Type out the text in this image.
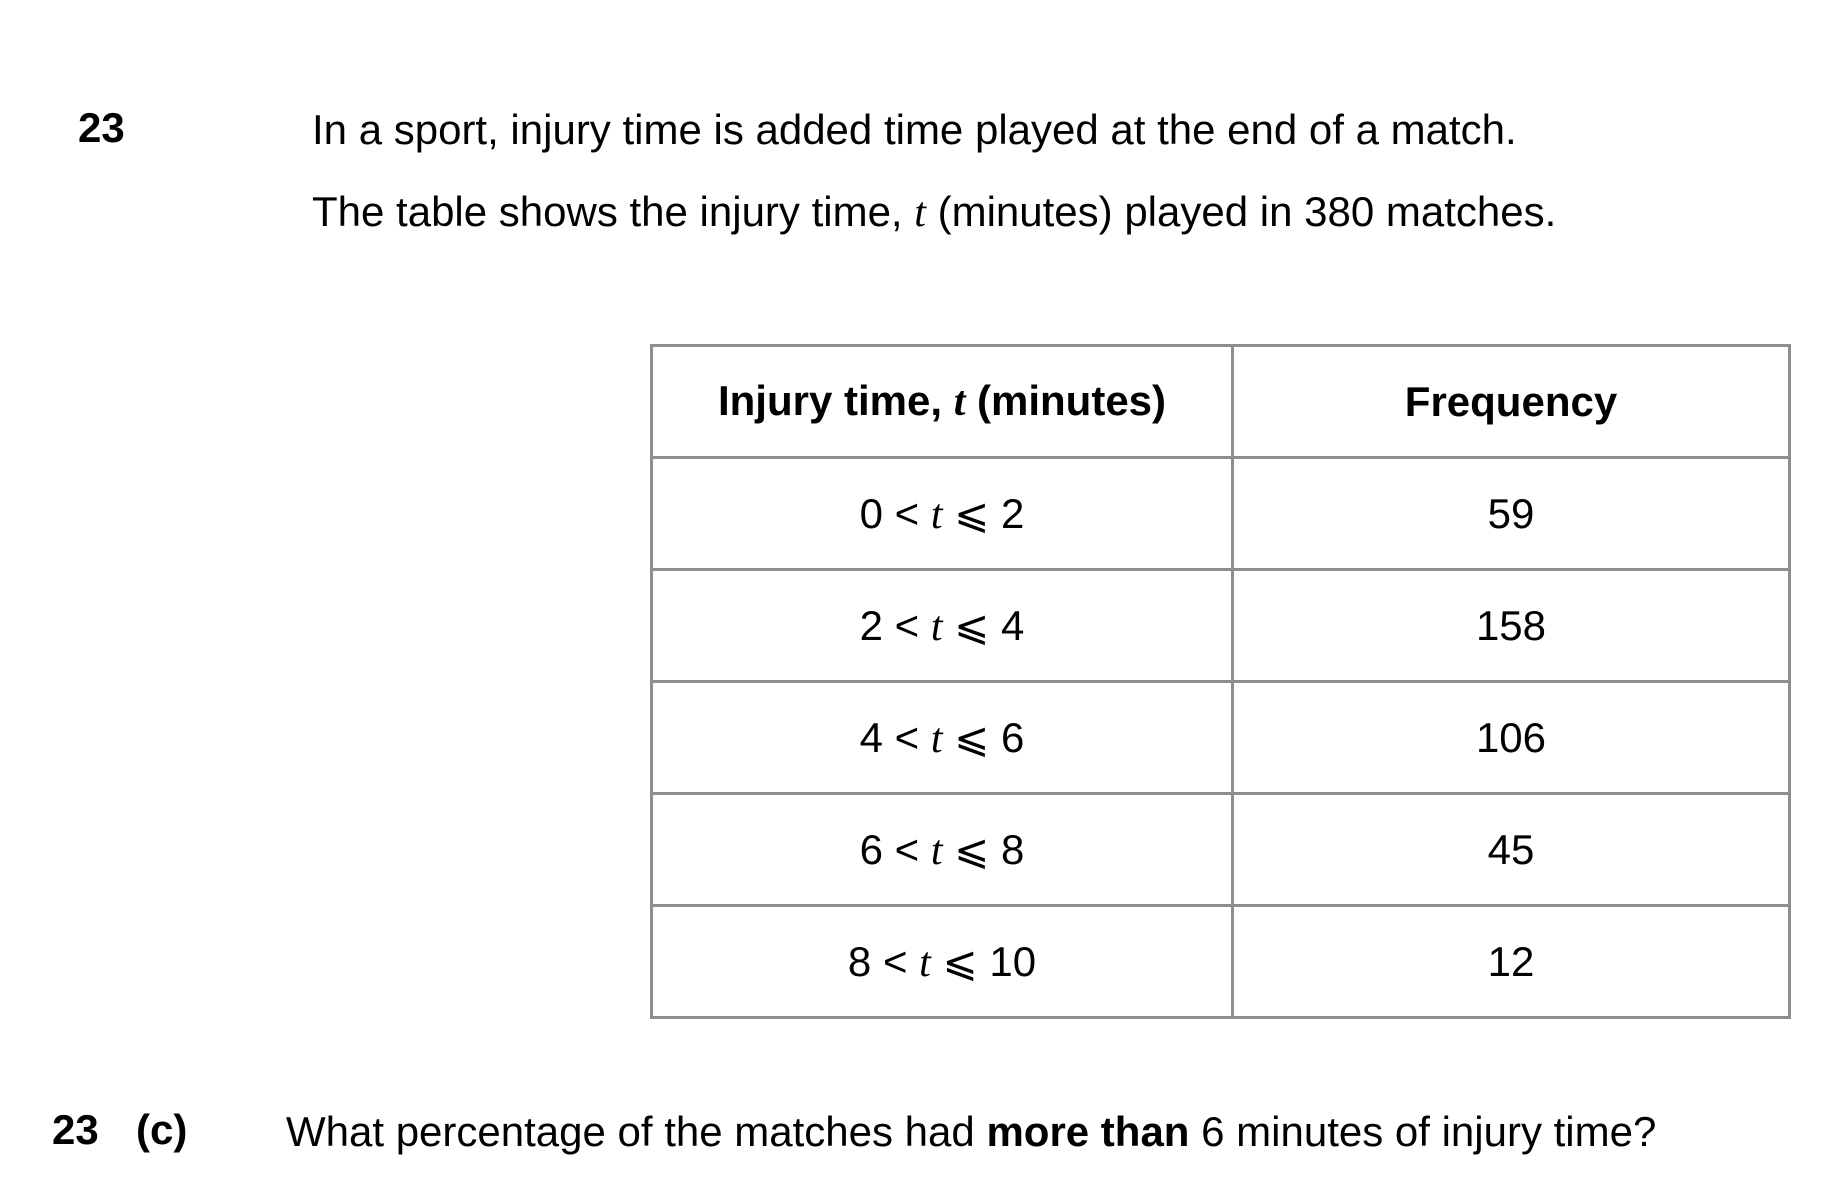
23	In a sport, injury time is added time played at the end of a match.
The table shows the injury time, t (minutes) played in 380 matches.
Injury time, t (minutes)	Frequency
0 < t ⩽ 2	59
2 < t ⩽ 4	158
4 < t ⩽ 6	106
6 < t ⩽ 8	45
8 < t ⩽ 10	12
23 (c) What percentage of the matches had more than 6 minutes of injury time?
